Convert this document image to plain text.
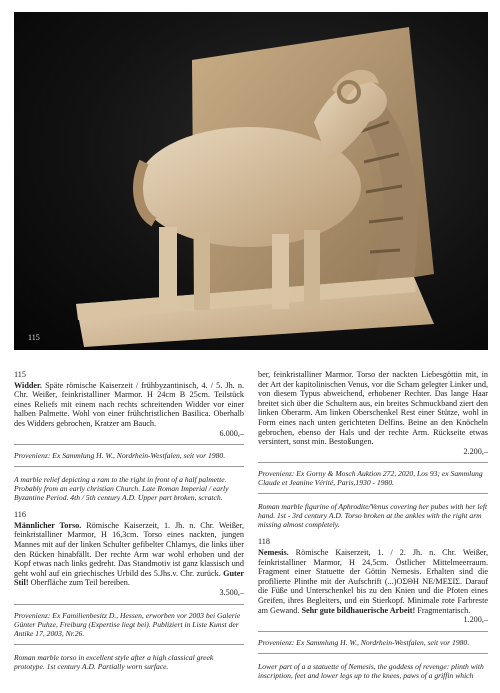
115
115
Widder. Späte römische Kaiserzeit / frühbyzantinisch, 4. / 5. Jh. n. Chr. Weißer, feinkristalliner Marmor. H 24cm B 25cm. Teilstück eines Reliefs mit einem nach rechts schreitenden Widder vor einer halben Palmette. Wohl von einer frühchristlichen Basilica. Oberhalb des Widders gebrochen, Kratzer am Bauch.
6.000,–
Provenienz: Ex Sammlung H. W., Nordrhein-Westfalen, seit vor 1980.
A marble relief depicting a ram to the right in front of a half palmette. Probably from an early christian Church. Late Roman Imperial / early Byzantine Period. 4th / 5th century A.D. Upper part broken, scratch.
116
Männlicher Torso. Römische Kaiserzeit, 1. Jh. n. Chr. Weißer, feinkristalliner Marmor, H 16,3cm. Torso eines nackten, jungen Mannes mit auf der linken Schulter gefibelter Chlamys, die links über den Rücken hinabfällt. Der rechte Arm war wohl erhoben und der Kopf etwas nach links gedreht. Das Standmotiv ist ganz klassisch und geht wohl auf ein griechisches Urbild des 5.Jhs.v. Chr. zurück. Guter Stil! Oberfläche zum Teil bereiben.
3.500,–
Provenienz: Ex Familienbesitz D., Hessen, erworben vor 2003 bei Galerie Günter Puhze, Freiburg (Expertise liegt bei). Publiziert in Liste Kunst der Antike 17, 2003, Nr.26.
Roman marble torso in excellent style after a high classical greek prototype. 1st century A.D. Partially worn surface.
ber, feinkristalliner Marmor. Torso der nackten Liebesgöttin mit, in der Art der kapitolinischen Venus, vor die Scham gelegter Linker und, von diesem Typus abweichend, erhobener Rechter. Das lange Haar breitet sich über die Schultern aus, ein breites Schmuckband ziert den linken Oberarm. Am linken Oberschenkel Rest einer Stütze, wohl in Form eines nach unten gerichteten Delfins. Beine an den Knöcheln gebrochen, ebenso der Hals und der rechte Arm. Rückseite etwas versintert, sonst min. Bestoßungen.
2.200,–
Provenienz: Ex Gorny & Mosch Auktion 272, 2020, Los 93; ex Sammlung Claude et Jeanine Vérité, Paris,1930 - 1980.
Roman marble figurine of Aphrodite/Venus covering her pubes with her left hand. 1st - 3rd century A.D. Torso broken at the ankles with the right arm missing almost completely.
118
Nemesis. Römische Kaiserzeit, 1. / 2. Jh. n. Chr. Weißer, feinkristalliner Marmor, H 24,5cm. Östlicher Mittelmeerraum. Fragment einer Statuette der Göttin Nemesis. Erhalten sind die profilierte Plinthe mit der Aufschrift (...)ΟΣΘΗ ΝΕ/ΜΕΣΙΣ. Darauf die Füße und Unterschenkel bis zu den Knien und die Pfoten eines Greifen, ihres Begleiters, und ein Stierkopf. Minimale rote Farbreste am Gewand. Sehr gute bildhauerische Arbeit! Fragmentarisch.
1.200,–
Provenienz: Ex Sammlung H. W., Nordrhein-Westfalen, seit vor 1980.
Lower part of a a statuette of Nemesis, the goddess of revenge: plinth with inscription, feet and lower legs up to the knees, paws of a griffin which
